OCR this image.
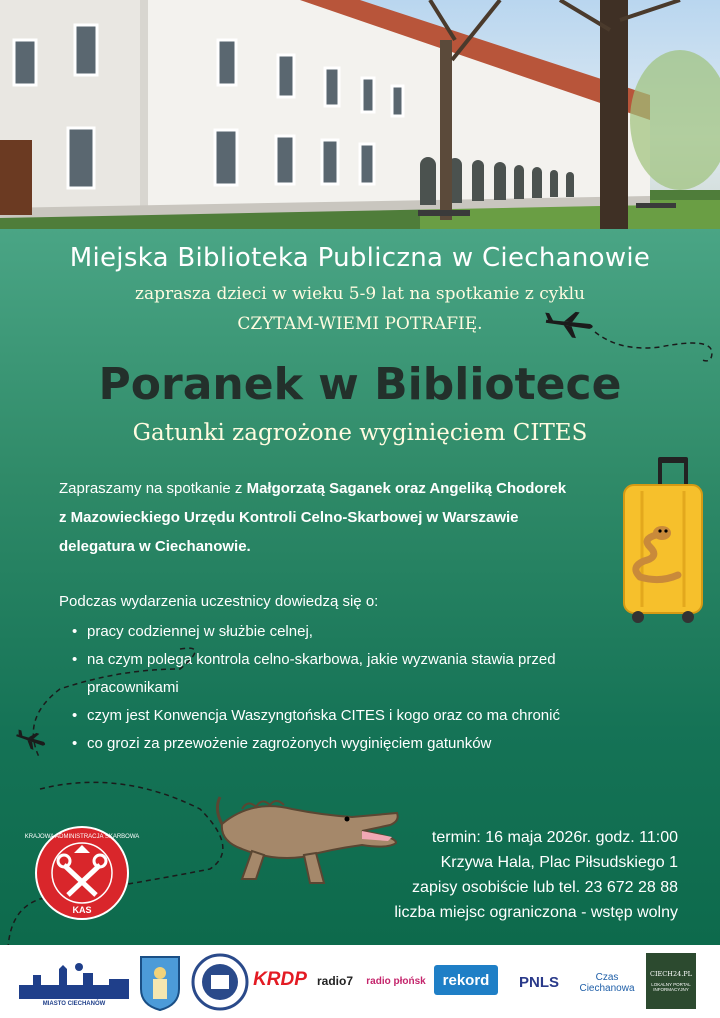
Miejska Biblioteka Publiczna w Ciechanowie
zaprasza dzieci w wieku 5-9 lat na spotkanie z cyklu
CZYTAM-WIEMI POTRAFIĘ.
Poranek w Bibliotece
Gatunki zagrożone wyginięciem CITES
Zapraszamy na spotkanie z Małgorzatą Saganek oraz Angeliką Chodorek
z Mazowieckiego Urzędu Kontroli Celno-Skarbowej w Warszawie
delegatura w Ciechanowie.
Podczas wydarzenia uczestnicy dowiedzą się o:
• pracy codziennej w służbie celnej,
• na czym polega kontrola celno-skarbowa, jakie wyzwania stawia przed pracownikami
• czym jest Konwencja Waszyngtońska CITES i kogo oraz co ma chronić
• co grozi za przewożenie zagrożonych wyginięciem gatunków
KRAJOWA ADMINISTRACJA SKARBOWA
KAS
termin: 16 maja 2026r. godz. 11:00
Krzywa Hala, Plac Piłsudskiego 1
zapisy osobiście lub tel. 23 672 28 88
liczba miejsc ograniczona - wstęp wolny
MIASTO CIECHANÓW
KRDP radio7 radio płońsk rekord PNLS	Czas Ciechanowa
CIECH24.PL
LOKALNY PORTAL INFORMACYJNY
